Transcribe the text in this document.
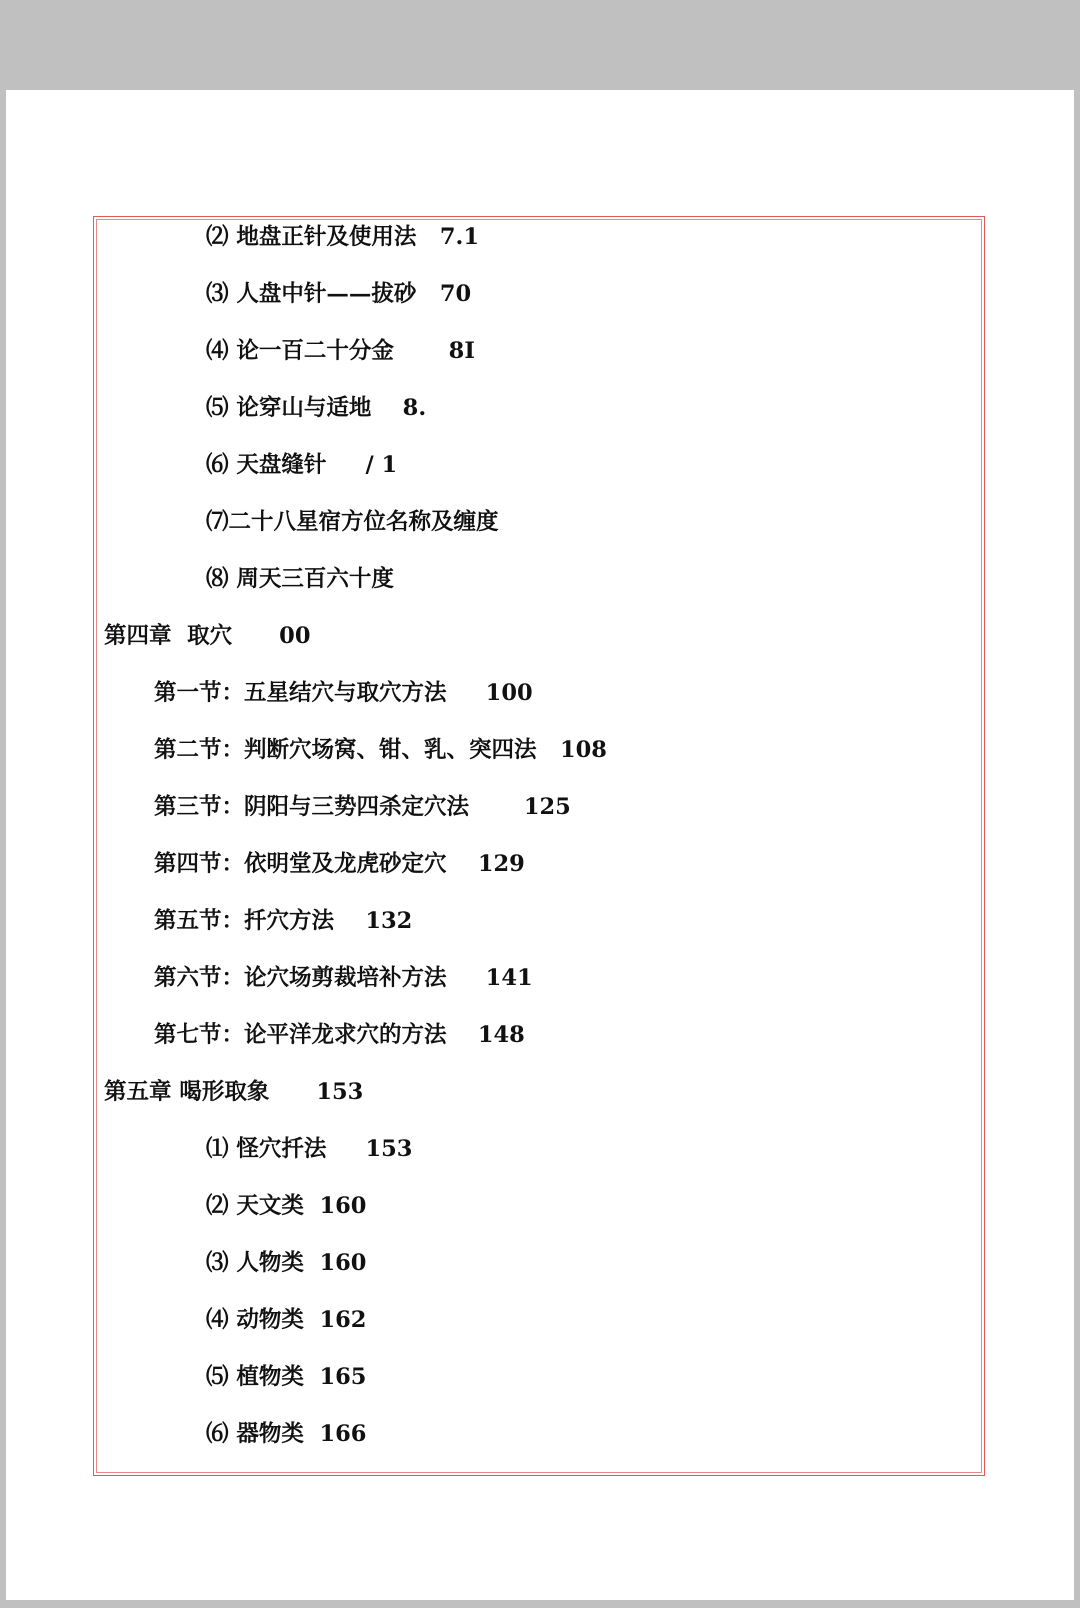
⑵ 地盘正针及使用法   7.1
⑶ 人盘中针——拔砂   70
⑷ 论一百二十分金       8I
⑸ 论穿山与适地    8.
⑹ 天盘缝针     / 1
⑺二十八星宿方位名称及缠度
⑻ 周天三百六十度
第四章  取穴      00
第一节：五星结穴与取穴方法     100
第二节：判断穴场窝、钳、乳、突四法   108
第三节：阴阳与三势四杀定穴法       125
第四节：依明堂及龙虎砂定穴    129
第五节：扦穴方法    132
第六节：论穴场剪裁培补方法     141
第七节：论平洋龙求穴的方法    148
第五章 喝形取象      153
⑴ 怪穴扦法     153
⑵ 天文类  160
⑶ 人物类  160
⑷ 动物类  162
⑸ 植物类  165
⑹ 器物类  166
